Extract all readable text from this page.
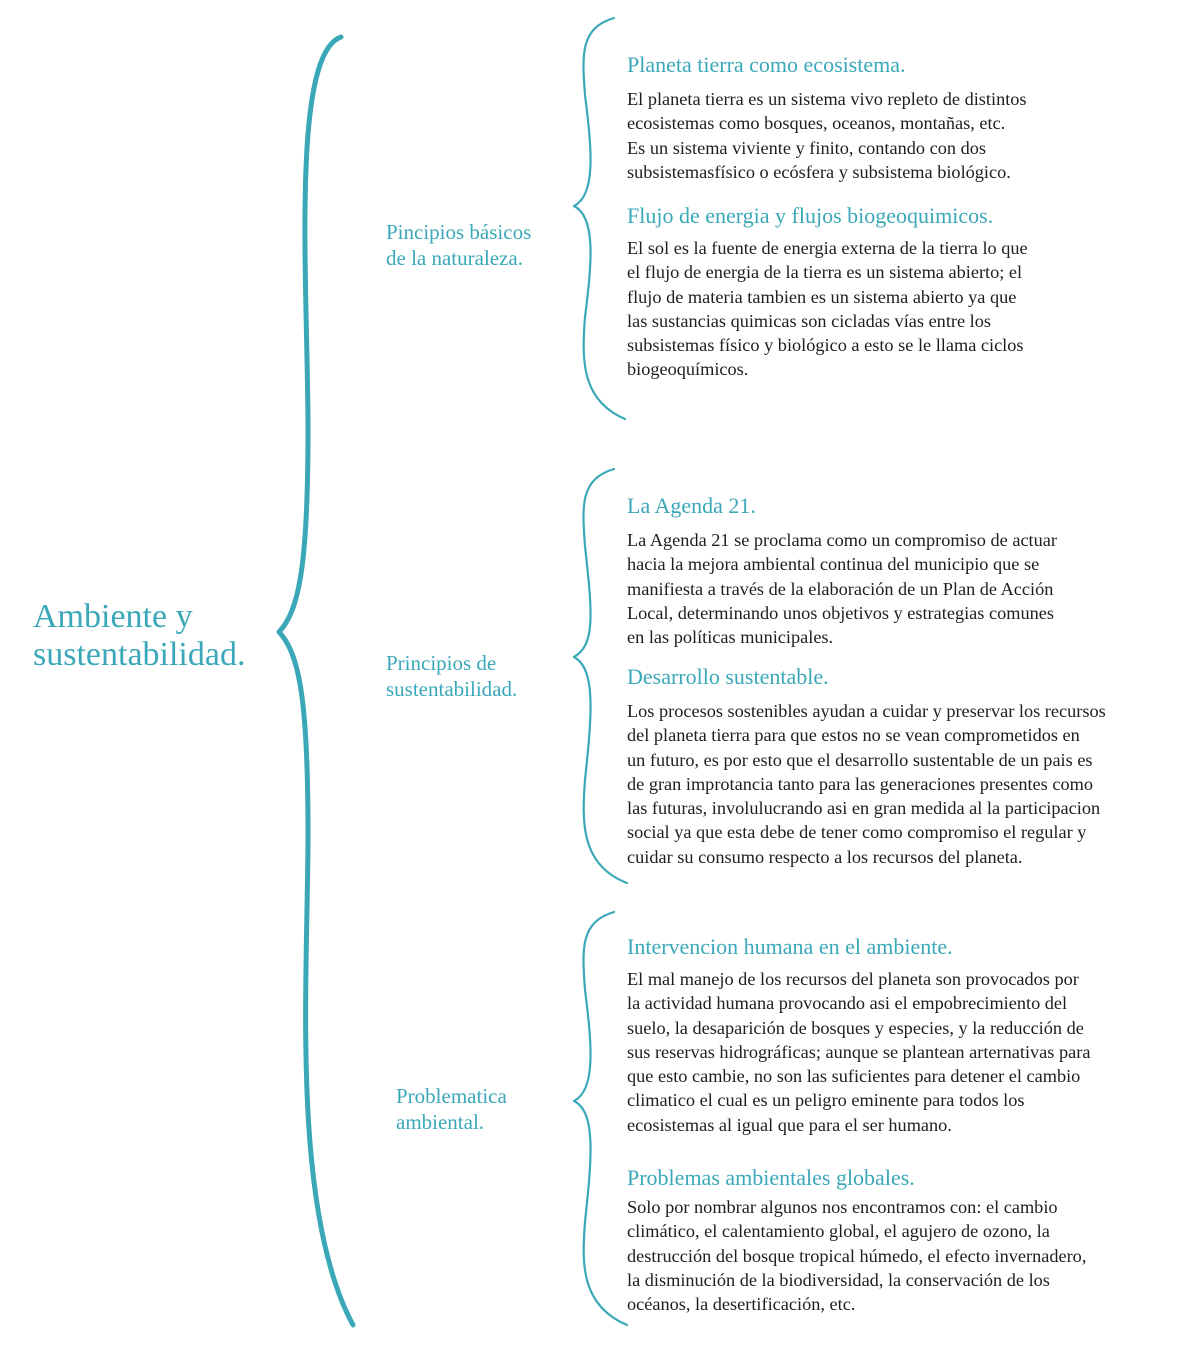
Ambiente y sustentabilidad.
Pincipios básicos
de la naturaleza.
Principios de
sustentabilidad.
Problematica
ambiental.
Planeta tierra como ecosistema.
El planeta tierra es un sistema vivo repleto de distintos
ecosistemas como bosques, oceanos, montañas, etc.
Es un sistema viviente y finito, contando con dos
subsistemasfísico o ecósfera y subsistema biológico.
Flujo de energia y flujos biogeoquimicos.
El sol es la fuente de energia externa de la tierra lo que
el flujo de energia de la tierra es un sistema abierto; el
flujo de materia tambien es un sistema abierto ya que
las sustancias quimicas son cicladas vías entre los
subsistemas físico y biológico a esto se le llama ciclos
biogeoquímicos.
La Agenda 21.
La Agenda 21 se proclama como un compromiso de actuar
hacia la mejora ambiental continua del municipio que se
manifiesta a través de la elaboración de un Plan de Acción
Local, determinando unos objetivos y estrategias comunes
en las políticas municipales.
Desarrollo sustentable.
Los procesos sostenibles ayudan a cuidar y preservar los recursos
del planeta tierra para que estos no se vean comprometidos en
un futuro, es por esto que el desarrollo sustentable de un pais es
de gran improtancia tanto para las generaciones presentes como
las futuras, involulucrando asi en gran medida al la participacion
social ya que esta debe de tener como compromiso el regular y
cuidar su consumo respecto a los recursos del planeta.
Intervencion humana en el ambiente.
El mal manejo de los recursos del planeta son provocados por
la actividad humana provocando asi el empobrecimiento del
suelo, la desaparición de bosques y especies, y la reducción de
sus reservas hidrográficas; aunque se plantean arternativas para
que esto cambie, no son las suficientes para detener el cambio
climatico el cual es un peligro eminente para todos los
ecosistemas al igual que para el ser humano.
Problemas ambientales globales.
Solo por nombrar algunos nos encontramos con: el cambio
climático, el calentamiento global, el agujero de ozono, la
destrucción del bosque tropical húmedo, el efecto invernadero,
la disminución de la biodiversidad, la conservación de los
océanos, la desertificación, etc.
